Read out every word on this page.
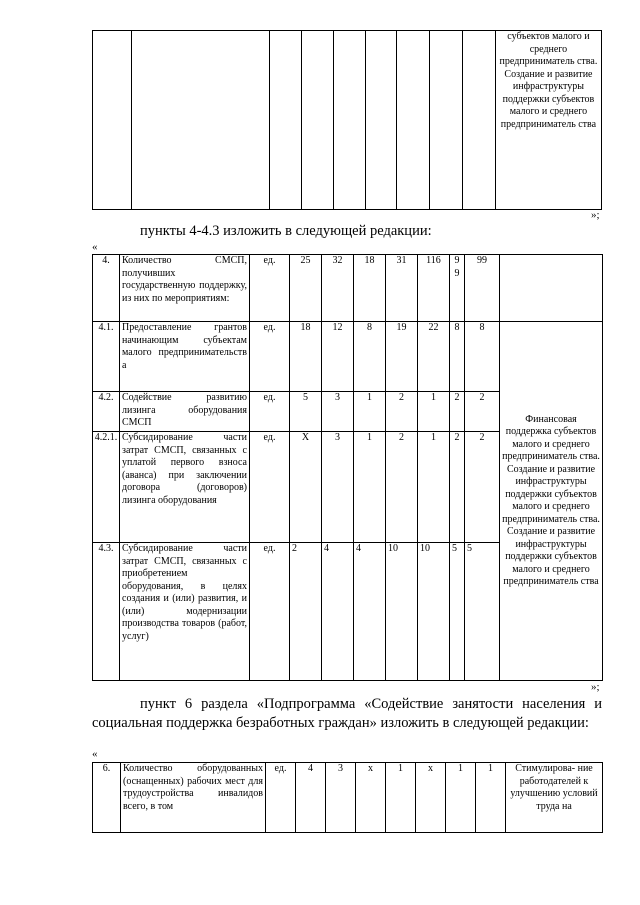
									субъектов малого и среднего предприниматель ства. Создание и развитие инфраструктуры поддержки субъектов малого и среднего предприниматель ства
»;
пункты 4-4.3 изложить в следующей редакции:
«
4.	Количество СМСП, получивших государственную поддержку, из них по мероприятиям:	ед.	25	32	18	31	116	9 9	99	
4.1.	Предоставление грантов начинающим субъектам малого предпринимательств а	ед.	18	12	8	19	22	8	8	Финансовая поддержка субъектов малого и среднего предприниматель ства. Создание и развитие инфраструктуры поддержки субъектов малого и среднего предприниматель ства. Создание и развитие инфраструктуры поддержки субъектов малого и среднего предприниматель ства
4.2.	Содействие развитию лизинга оборудования СМСП	ед.	5	3	1	2	1	2	2	
4.2.1.	Субсидирование части затрат СМСП, связанных с уплатой первого взноса (аванса) при заключении договора (договоров) лизинга оборудования	ед.	Х	3	1	2	1	2	2	
4.3.	Субсидирование части затрат СМСП, связанных с приобретением оборудования, в целях создания и (или) развития, и (или) модернизации производства товаров (работ, услуг)	ед.	2	4	4	10	10	5	5	
»;
пункт 6 раздела «Подпрограмма «Содействие занятости населения и социальная поддержка безработных граждан» изложить в следующей редакции:
«
6.	Количество оборудованных (оснащенных) рабочих мест для трудоустройства инвалидов всего, в том	ед.	4	3	х	1	х	1	1	Стимулирова- ние работодателей к улучшению условий труда на
